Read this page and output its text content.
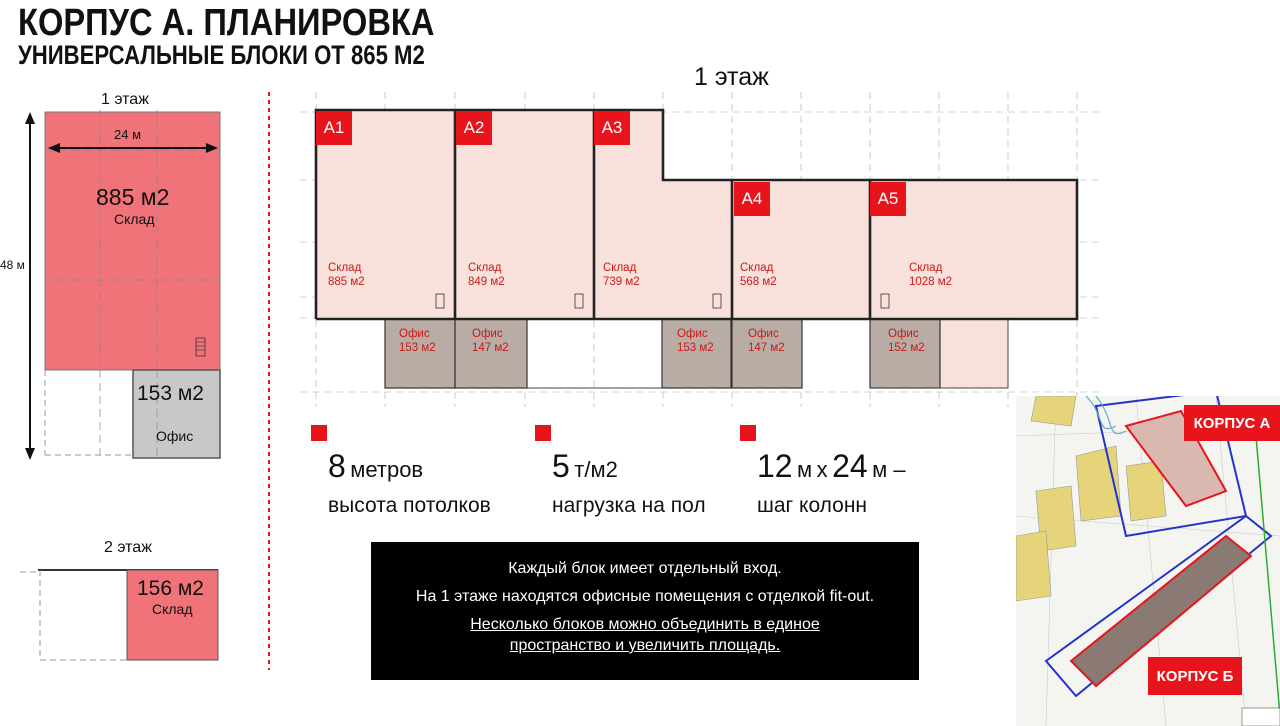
КОРПУС А. ПЛАНИРОВКА
УНИВЕРСАЛЬНЫЕ БЛОКИ ОТ 865 М2
1 этаж
24 м
48 м
885 м2
Склад
153 м2
Офис
2 этаж
156 м2
Склад
1 этаж
A1	A2	A3
A4	A5
Склад
885 м2
Склад
849 м2
Склад
739 м2
Склад
568 м2
Склад
1028 м2
Офис
153 м2
Офис
147 м2
Офис
153 м2
Офис
147 м2
Офис
152 м2
8 метров
высота потолков
5 т/м2
нагрузка на пол
12 м х 24 м –
шаг колонн
Каждый блок имеет отдельный вход.
На 1 этаже находятся офисные помещения с отделкой fit-out.
Несколько блоков можно объединить в единое
пространство и увеличить площадь.
КОРПУС А
КОРПУС Б
